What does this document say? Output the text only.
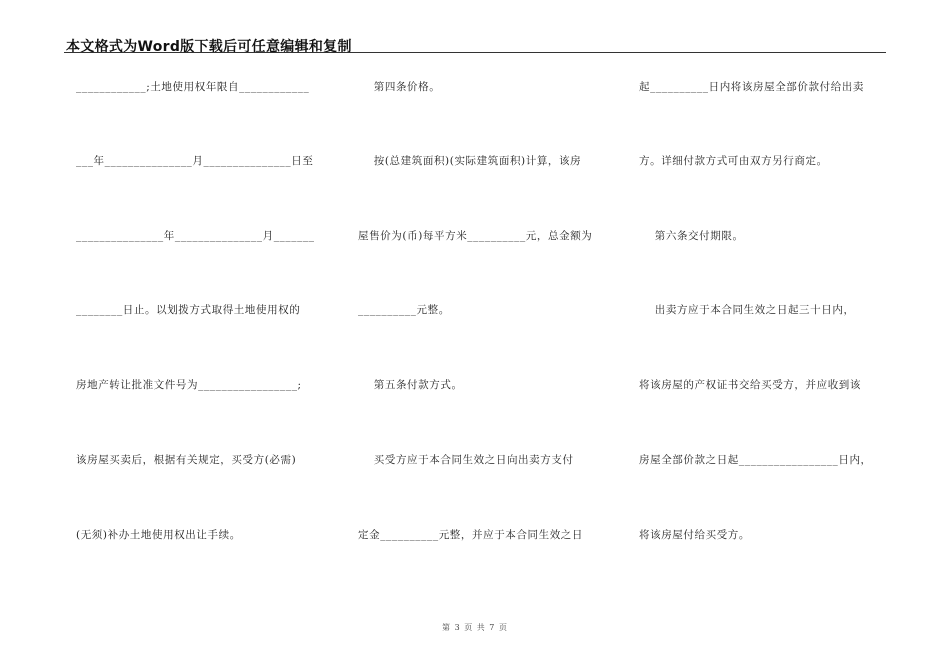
本文格式为Word版下载后可任意编辑和复制
____________;土地使用权年限自____________
___年_______________月_______________日至
_______________年_______________月_______
________日止。以划拨方式取得土地使用权的
房地产转让批准文件号为_________________;
该房屋买卖后，根据有关规定，买受方(必需)
(无须)补办土地使用权出让手续。
第四条价格。
按(总建筑面积)(实际建筑面积)计算，该房
屋售价为(币)每平方米__________元，总金额为
__________元整。
第五条付款方式。
买受方应于本合同生效之日向出卖方支付
定金__________元整，并应于本合同生效之日
起__________日内将该房屋全部价款付给出卖
方。详细付款方式可由双方另行商定。
第六条交付期限。
出卖方应于本合同生效之日起三十日内，
将该房屋的产权证书交给买受方，并应收到该
房屋全部价款之日起_________________日内，
将该房屋付给买受方。
第 3 页 共 7 页
